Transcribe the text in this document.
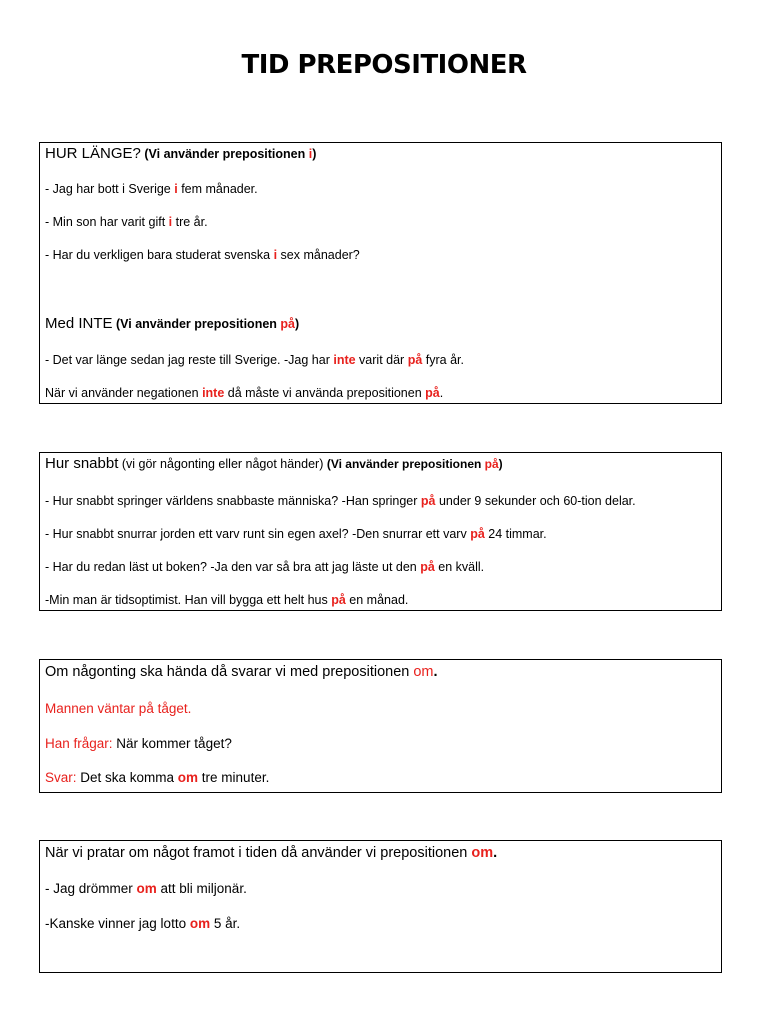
TID PREPOSITIONER
HUR LÄNGE? (Vi använder prepositionen i)
- Jag har bott i Sverige i fem månader.
- Min son har varit gift i tre år.
- Har du verkligen bara studerat svenska i sex månader?
Med INTE (Vi använder prepositionen på)
- Det var länge sedan jag reste till Sverige. -Jag har inte varit där på fyra år.
När vi använder negationen inte då måste vi använda prepositionen på.
Hur snabbt (vi gör någonting eller något händer) (Vi använder prepositionen på)
- Hur snabbt springer världens snabbaste människa? -Han springer på under 9 sekunder och 60-tion delar.
- Hur snabbt snurrar jorden ett varv runt sin egen axel? -Den snurrar ett varv på 24 timmar.
- Har du redan läst ut boken? -Ja den var så bra att jag läste ut den på en kväll.
-Min man är tidsoptimist. Han vill bygga ett helt hus på en månad.
Om någonting ska hända då svarar vi med prepositionen om.
Mannen väntar på tåget.
Han frågar: När kommer tåget?
Svar: Det ska komma om tre minuter.
När vi pratar om något framot i tiden då använder vi prepositionen om.
- Jag drömmer om att bli miljonär.
-Kanske vinner jag lotto om 5 år.
